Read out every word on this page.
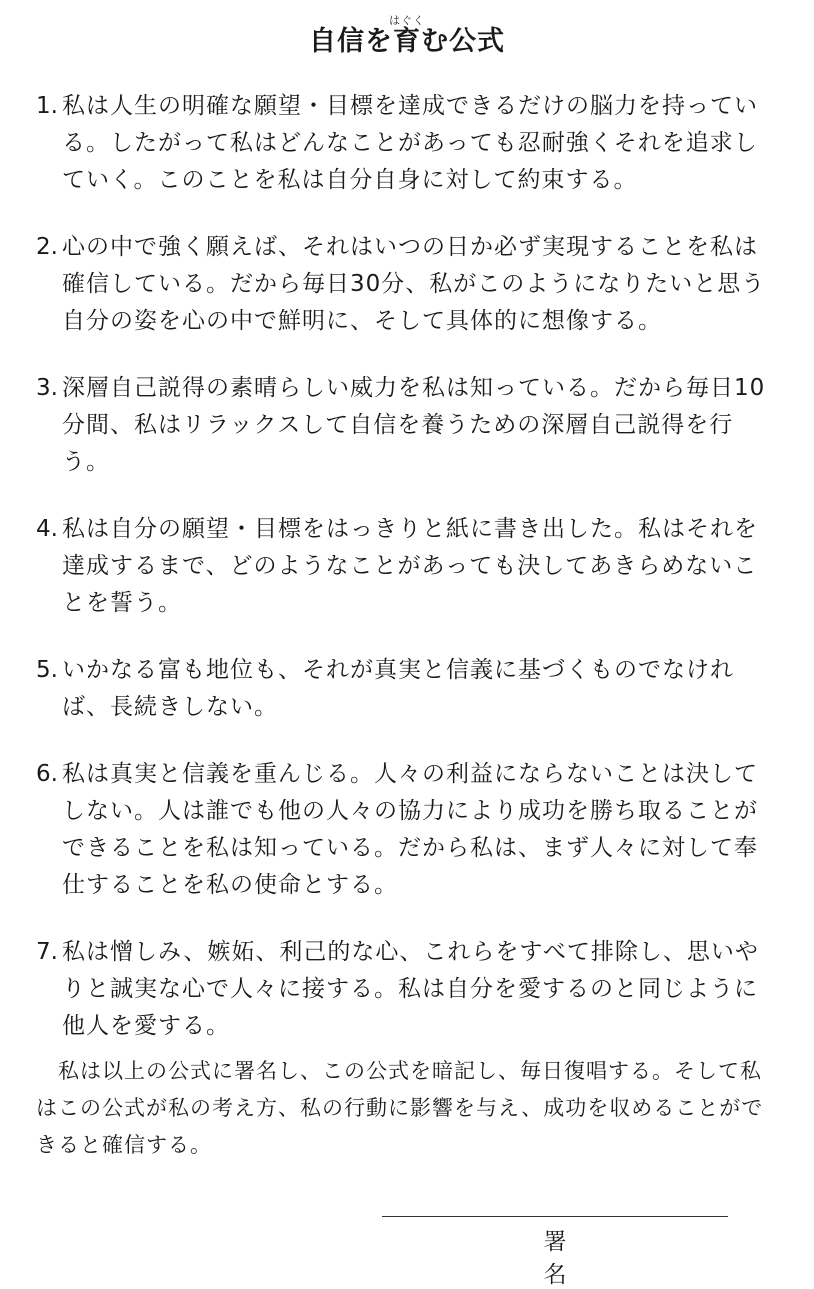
自信を育はぐくむ公式
1. 私は人生の明確な願望・目標を達成できるだけの脳力を持っている。したがって私はどんなことがあっても忍耐強くそれを追求していく。このことを私は自分自身に対して約束する。
2. 心の中で強く願えば、それはいつの日か必ず実現することを私は確信している。だから毎日30分、私がこのようになりたいと思う自分の姿を心の中で鮮明に、そして具体的に想像する。
3. 深層自己説得の素晴らしい威力を私は知っている。だから毎日10分間、私はリラックスして自信を養うための深層自己説得を行う。
4. 私は自分の願望・目標をはっきりと紙に書き出した。私はそれを達成するまで、どのようなことがあっても決してあきらめないことを誓う。
5. いかなる富も地位も、それが真実と信義に基づくものでなければ、長続きしない。
6. 私は真実と信義を重んじる。人々の利益にならないことは決してしない。人は誰でも他の人々の協力により成功を勝ち取ることができることを私は知っている。だから私は、まず人々に対して奉仕することを私の使命とする。
7. 私は憎しみ、嫉妬、利己的な心、これらをすべて排除し、思いやりと誠実な心で人々に接する。私は自分を愛するのと同じように他人を愛する。

私は以上の公式に署名し、この公式を暗記し、毎日復唱する。そして私はこの公式が私の考え方、私の行動に影響を与え、成功を収めることができると確信する。

署名
